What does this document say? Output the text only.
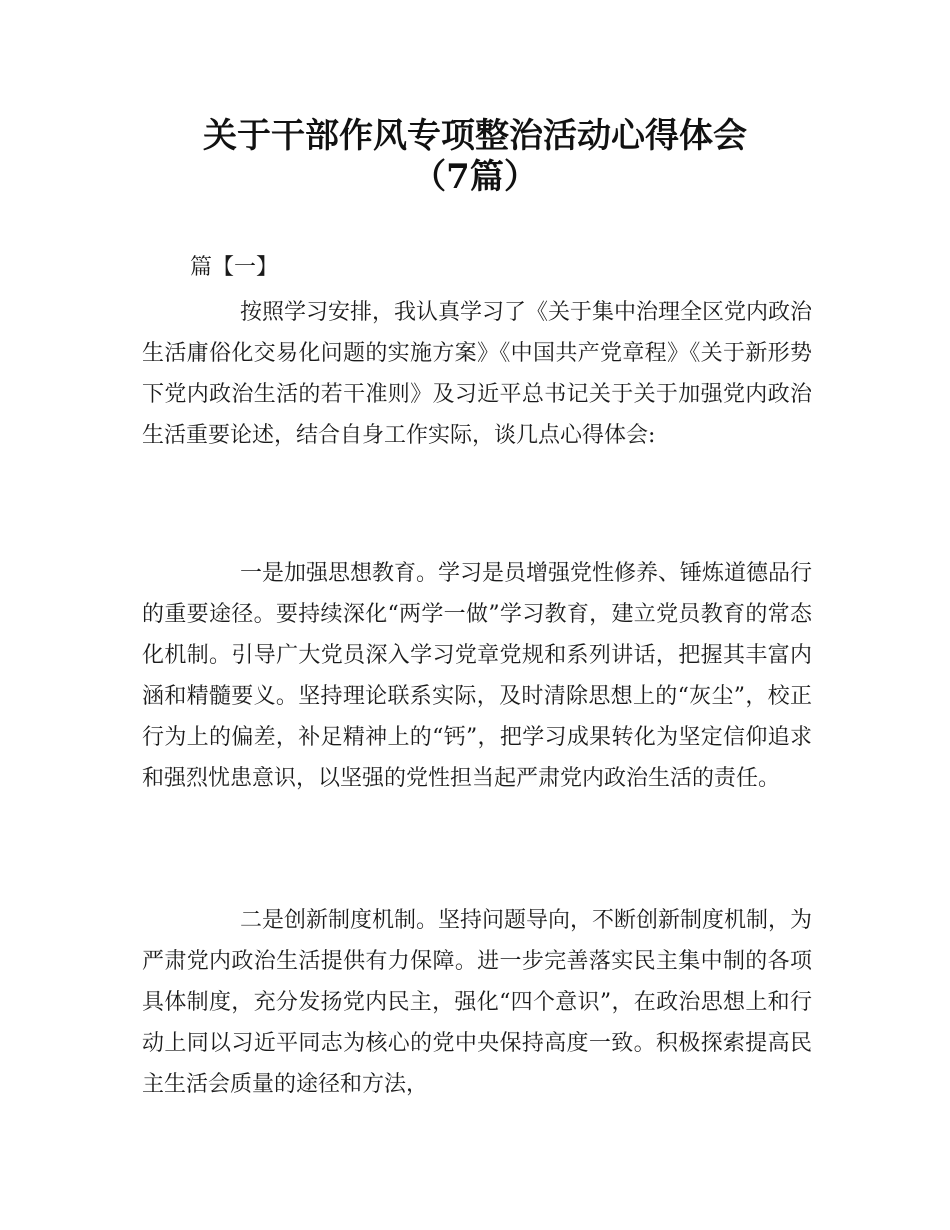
关于干部作风专项整治活动心得体会
（7篇）
篇【一】

按照学习安排，我认真学习了《关于集中治理全区党内政治生活庸俗化交易化问题的实施方案》《中国共产党章程》《关于新形势下党内政治生活的若干准则》及习近平总书记关于关于加强党内政治生活重要论述，结合自身工作实际，谈几点心得体会:

一是加强思想教育。学习是员增强党性修养、锤炼道德品行的重要途径。要持续深化“两学一做”学习教育，建立党员教育的常态化机制。引导广大党员深入学习党章党规和系列讲话，把握其丰富内涵和精髓要义。坚持理论联系实际，及时清除思想上的“灰尘”，校正行为上的偏差，补足精神上的“钙”，把学习成果转化为坚定信仰追求和强烈忧患意识，以坚强的党性担当起严肃党内政治生活的责任。

二是创新制度机制。坚持问题导向，不断创新制度机制，为严肃党内政治生活提供有力保障。进一步完善落实民主集中制的各项具体制度，充分发扬党内民主，强化“四个意识”，在政治思想上和行动上同以习近平同志为核心的党中央保持高度一致。积极探索提高民主生活会质量的途径和方法，
